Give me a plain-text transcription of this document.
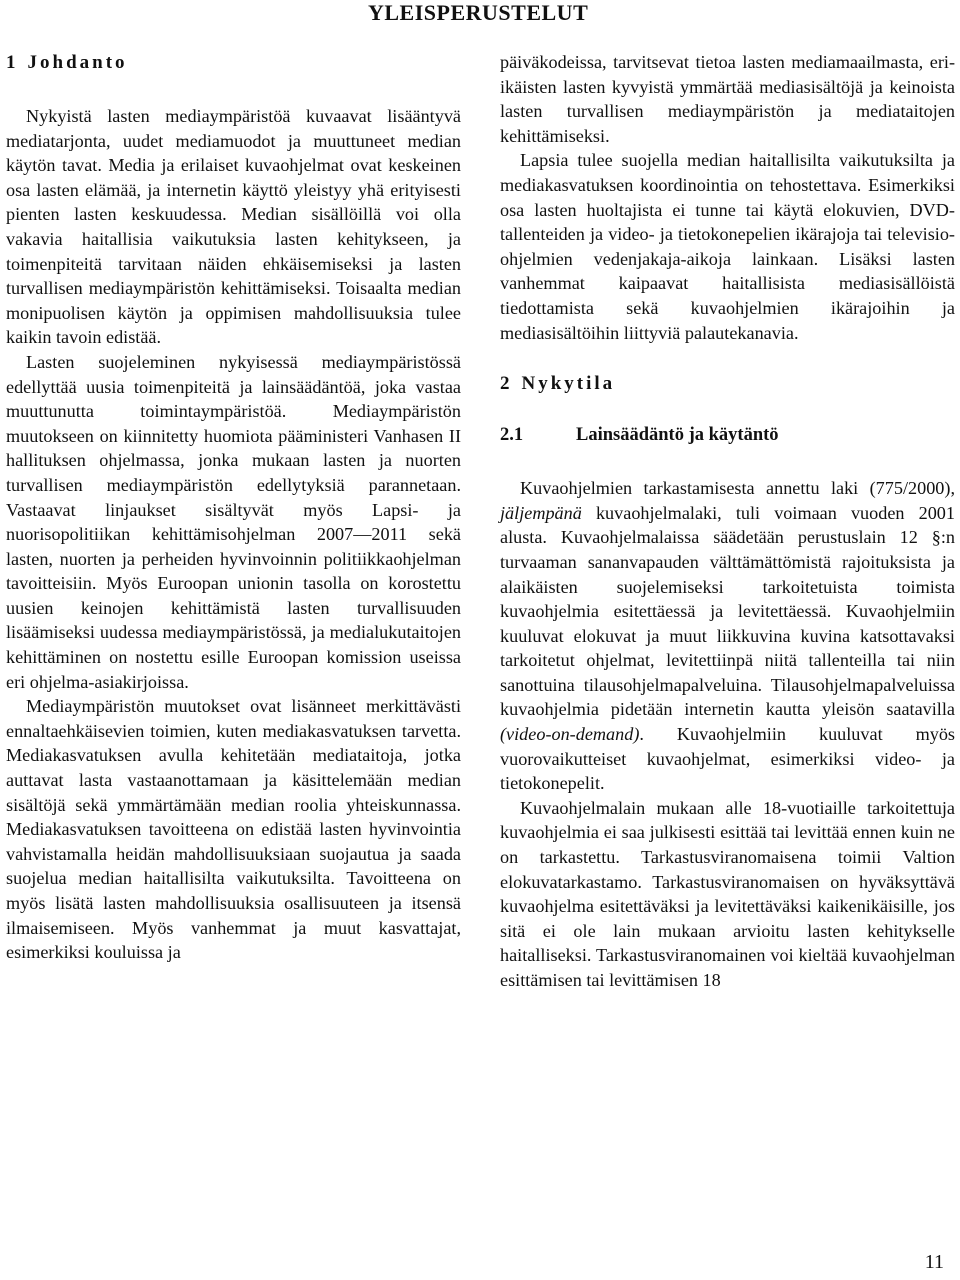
YLEISPERUSTELUT
1 Johdanto

Nykyistä lasten mediaympäristöä kuvaavat lisääntyvä mediatarjonta, uudet mediamuodot ja muuttuneet median käytön tavat. Media ja erilaiset kuvaohjelmat ovat keskeinen osa lasten elämää, ja internetin käyttö yleistyy yhä erityisesti pienten lasten keskuudessa. Median sisällöillä voi olla vakavia haitallisia vaikutuksia lasten kehitykseen, ja toimenpiteitä tarvitaan näiden ehkäisemiseksi ja lasten turvallisen mediaympäristön kehittämiseksi. Toisaalta median monipuolisen käytön ja oppimisen mahdollisuuksia tulee kaikin tavoin edistää.

Lasten suojeleminen nykyisessä mediaympäristössä edellyttää uusia toimenpiteitä ja lainsäädäntöä, joka vastaa muuttunutta toimintaympäristöä. Mediaympäristön muutokseen on kiinnitetty huomiota pääministeri Vanhasen II hallituksen ohjelmassa, jonka mukaan lasten ja nuorten turvallisen mediaympäristön edellytyksiä parannetaan. Vastaavat linjaukset sisältyvät myös Lapsi- ja nuorisopolitiikan kehittämisohjelman 2007—2011 sekä lasten, nuorten ja perheiden hyvinvoinnin politiikkaohjelman tavoitteisiin. Myös Euroopan unionin tasolla on korostettu uusien keinojen kehittämistä lasten turvallisuuden lisäämiseksi uudessa mediaympäristössä, ja medialukutaitojen kehittäminen on nostettu esille Euroopan komission useissa eri ohjelma-asiakirjoissa.

Mediaympäristön muutokset ovat lisänneet merkittävästi ennaltaehkäisevien toimien, kuten mediakasvatuksen tarvetta. Mediakasvatuksen avulla kehitetään mediataitoja, jotka auttavat lasta vastaanottamaan ja käsittelemään median sisältöjä sekä ymmärtämään median roolia yhteiskunnassa. Mediakasvatuksen tavoitteena on edistää lasten hyvinvointia vahvistamalla heidän mahdollisuuksiaan suojautua ja saada suojelua median haitallisilta vaikutuksilta. Tavoitteena on myös lisätä lasten mahdollisuuksia osallisuuteen ja itsensä ilmaisemiseen. Myös vanhemmat ja muut kasvattajat, esimerkiksi kouluissa ja

päiväkodeissa, tarvitsevat tietoa lasten mediamaailmasta, eri-ikäisten lasten kyvyistä ymmärtää mediasisältöjä ja keinoista lasten turvallisen mediaympäristön ja mediataitojen kehittämiseksi.

Lapsia tulee suojella median haitallisilta vaikutuksilta ja mediakasvatuksen koordinointia on tehostettava. Esimerkiksi osa lasten huoltajista ei tunne tai käytä elokuvien, DVD-tallenteiden ja video- ja tietokonepelien ikärajoja tai televisio-ohjelmien vedenjakaja-aikoja lainkaan. Lisäksi lasten vanhemmat kaipaavat haitallisista mediasisällöistä tiedottamista sekä kuvaohjelmien ikärajoihin ja mediasisältöihin liittyviä palautekanavia.

2 Nykytila
2.1	Lainsäädäntö ja käytäntö

Kuvaohjelmien tarkastamisesta annettu laki (775/2000), jäljempänä kuvaohjelmalaki, tuli voimaan vuoden 2001 alusta. Kuvaohjelmalaissa säädetään perustuslain 12 §:n turvaaman sananvapauden välttämättömistä rajoituksista ja alaikäisten suojelemiseksi tarkoitetuista toimista kuvaohjelmia esitettäessä ja levitettäessä. Kuvaohjelmiin kuuluvat elokuvat ja muut liikkuvina kuvina katsottavaksi tarkoitetut ohjelmat, levitettiinpä niitä tallenteilla tai niin sanottuina tilausohjelmapalveluina. Tilausohjelmapalveluissa kuvaohjelmia pidetään internetin kautta yleisön saatavilla (video-on-demand). Kuvaohjelmiin kuuluvat myös vuorovaikutteiset kuvaohjelmat, esimerkiksi video- ja tietokonepelit.

Kuvaohjelmalain mukaan alle 18-vuotiaille tarkoitettuja kuvaohjelmia ei saa julkisesti esittää tai levittää ennen kuin ne on tarkastettu. Tarkastusviranomaisena toimii Valtion elokuvatarkastamo. Tarkastusviranomaisen on hyväksyttävä kuvaohjelma esitettäväksi ja levitettäväksi kaikenikäisille, jos sitä ei ole lain mukaan arvioitu lasten kehitykselle haitalliseksi. Tarkastusviranomainen voi kieltää kuvaohjelman esittämisen tai levittämisen 18

11
